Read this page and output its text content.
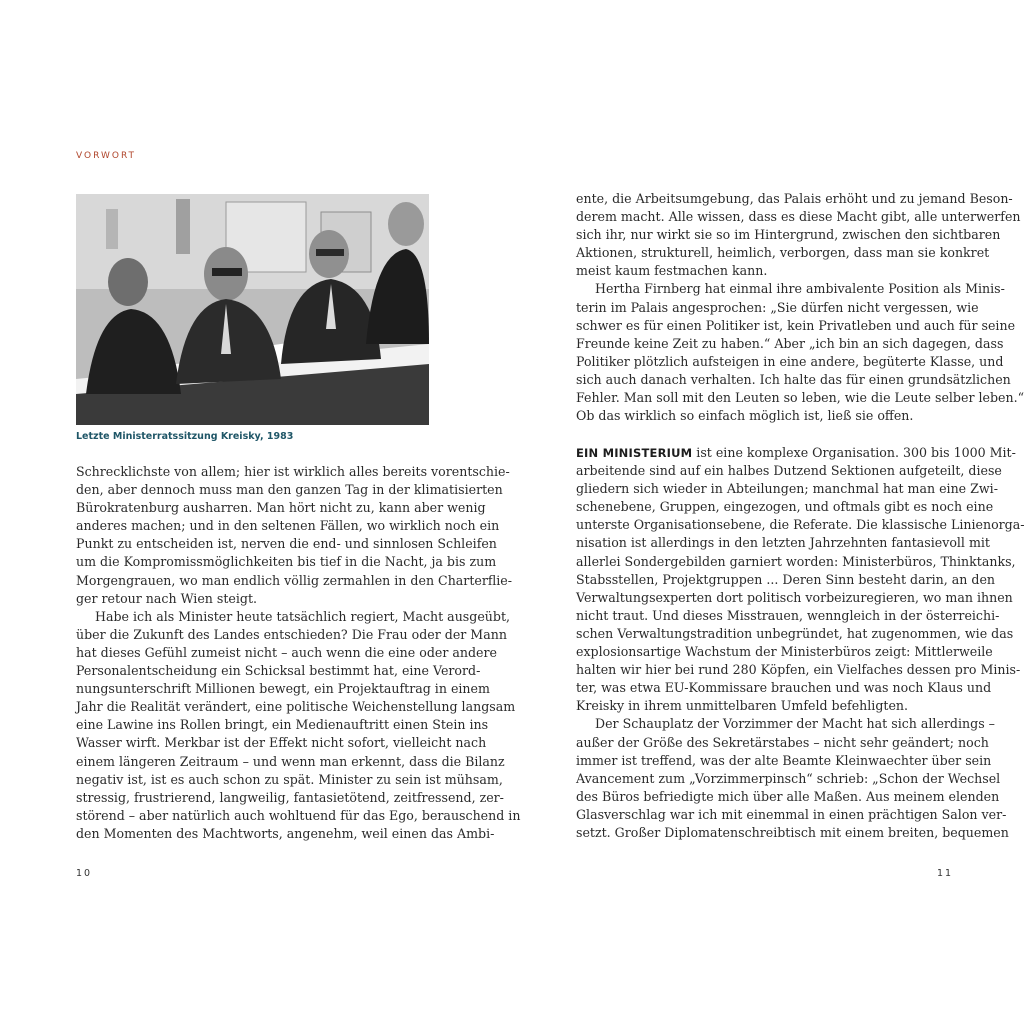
VORWORT

Letzte Ministerratssitzung Kreisky, 1983

Schrecklichste von allem; hier ist wirklich alles bereits vorentschie-
den, aber dennoch muss man den ganzen Tag in der klimatisierten
Bürokratenburg ausharren. Man hört nicht zu, kann aber wenig
anderes machen; und in den seltenen Fällen, wo wirklich noch ein
Punkt zu entscheiden ist, nerven die end- und sinnlosen Schleifen
um die Kompromissmöglichkeiten bis tief in die Nacht, ja bis zum
Morgengrauen, wo man endlich völlig zermahlen in den Charterflie-
ger retour nach Wien steigt.
Habe ich als Minister heute tatsächlich regiert, Macht ausgeübt,
über die Zukunft des Landes entschieden? Die Frau oder der Mann
hat dieses Gefühl zumeist nicht – auch wenn die eine oder andere
Personalentscheidung ein Schicksal bestimmt hat, eine Verord-
nungsunterschrift Millionen bewegt, ein Projektauftrag in einem
Jahr die Realität verändert, eine politische Weichenstellung langsam
eine Lawine ins Rollen bringt, ein Medienauftritt einen Stein ins
Wasser wirft. Merkbar ist der Effekt nicht sofort, vielleicht nach
einem längeren Zeitraum – und wenn man erkennt, dass die Bilanz
negativ ist, ist es auch schon zu spät. Minister zu sein ist mühsam,
stressig, frustrierend, langweilig, fantasietötend, zeitfressend, zer-
störend – aber natürlich auch wohltuend für das Ego, berauschend in
den Momenten des Machtworts, angenehm, weil einen das Ambi-
10
ente, die Arbeitsumgebung, das Palais erhöht und zu jemand Beson-
derem macht. Alle wissen, dass es diese Macht gibt, alle unterwerfen
sich ihr, nur wirkt sie so im Hintergrund, zwischen den sichtbaren
Aktionen, strukturell, heimlich, verborgen, dass man sie konkret
meist kaum festmachen kann.
Hertha Firnberg hat einmal ihre ambivalente Position als Minis-
terin im Palais angesprochen: „Sie dürfen nicht vergessen, wie
schwer es für einen Politiker ist, kein Privatleben und auch für seine
Freunde keine Zeit zu haben.“ Aber „ich bin an sich dagegen, dass
Politiker plötzlich aufsteigen in eine andere, begüterte Klasse, und
sich auch danach verhalten. Ich halte das für einen grundsätzlichen
Fehler. Man soll mit den Leuten so leben, wie die Leute selber leben.“
Ob das wirklich so einfach möglich ist, ließ sie offen.
EIN MINISTERIUM ist eine komplexe Organisation. 300 bis 1000 Mit-
arbeitende sind auf ein halbes Dutzend Sektionen aufgeteilt, diese
gliedern sich wieder in Abteilungen; manchmal hat man eine Zwi-
schenebene, Gruppen, eingezogen, und oftmals gibt es noch eine
unterste Organisationsebene, die Referate. Die klassische Linienorga-
nisation ist allerdings in den letzten Jahrzehnten fantasievoll mit
allerlei Sondergebilden garniert worden: Ministerbüros, Thinktanks,
Stabsstellen, Projektgruppen ... Deren Sinn besteht darin, an den
Verwaltungsexperten dort politisch vorbeizuregieren, wo man ihnen
nicht traut. Und dieses Misstrauen, wenngleich in der österreichi-
schen Verwaltungstradition unbegründet, hat zugenommen, wie das
explosionsartige Wachstum der Ministerbüros zeigt: Mittlerweile
halten wir hier bei rund 280 Köpfen, ein Vielfaches dessen pro Minis-
ter, was etwa EU-Kommissare brauchen und was noch Klaus und
Kreisky in ihrem unmittelbaren Umfeld befehligten.
Der Schauplatz der Vorzimmer der Macht hat sich allerdings –
außer der Größe des Sekretärstabes – nicht sehr geändert; noch
immer ist treffend, was der alte Beamte Kleinwaechter über sein
Avancement zum „Vorzimmerpinsch“ schrieb: „Schon der Wechsel
des Büros befriedigte mich über alle Maßen. Aus meinem elenden
Glasverschlag war ich mit einemmal in einen prächtigen Salon ver-
setzt. Großer Diplomatenschreibtisch mit einem breiten, bequemen
11
